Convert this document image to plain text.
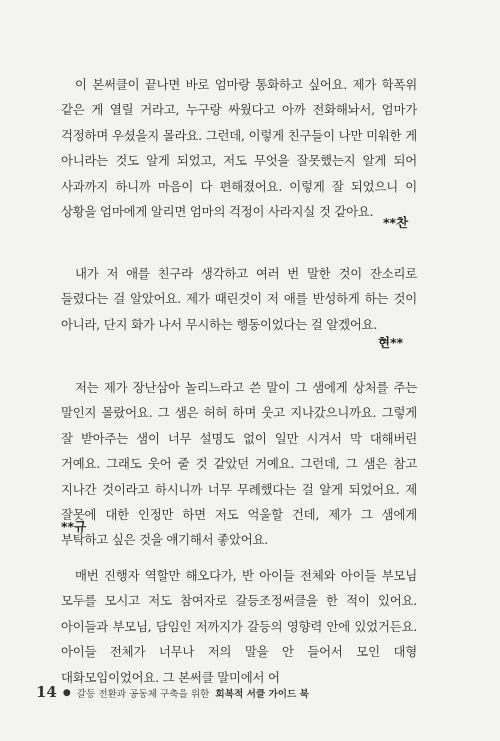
이 본써클이 끝나면 바로 엄마랑 통화하고 싶어요. 제가 학폭위 같은 게 열릴 거라고, 누구랑 싸웠다고 아까 전화해놔서, 엄마가 걱정하며 우셨을지 몰라요. 그런데, 이렇게 친구들이 나만 미워한 게 아니라는 것도 알게 되었고, 저도 무엇을 잘못했는지 알게 되어 사과까지 하니까 마음이 다 편해졌어요. 이렇게 잘 되었으니 이 상황을 엄마에게 알리면 엄마의 걱정이 사라지실 것 같아요.
**찬
내가 저 애를 친구라 생각하고 여러 번 말한 것이 잔소리로 들렸다는 걸 알았어요. 제가 때린것이 저 애를 반성하게 하는 것이 아니라, 단지 화가 나서 무시하는 행동이었다는 걸 알겠어요.
현**
저는 제가 장난삼아 놀리느라고 쓴 말이 그 샘에게 상처를 주는 말인지 몰랐어요. 그 샘은 허허 하며 웃고 지나갔으니까요. 그렇게 잘 받아주는 샘이 너무 설명도 없이 일만 시겨서 막 대해버린 거예요. 그래도 웃어 줄 것 같았던 거예요. 그런데, 그 샘은 참고 지나간 것이라고 하시니까 너무 무례했다는 걸 알게 되었어요. 제 잘못에 대한 인정만 하면 저도 억울할 건데, 제가 그 샘에게 부탁하고 싶은 것을 얘기해서 좋았어요.
**규
매번 진행자 역할만 해오다가, 반 아이들 전체와 아이들 부모님 모두를 모시고 저도 참여자로 갈등조정써클을 한 적이 있어요. 아이들과 부모님, 담임인 저까지가 갈등의 영향력 안에 있었거든요. 아이들 전체가 너무나 저의 말을 안 들어서 모인 대형 대화모임이었어요. 그 본써클 말미에서 어
14 ● 갈등 전환과 공동체 구축을 위한 회복적 서클 가이드 북
